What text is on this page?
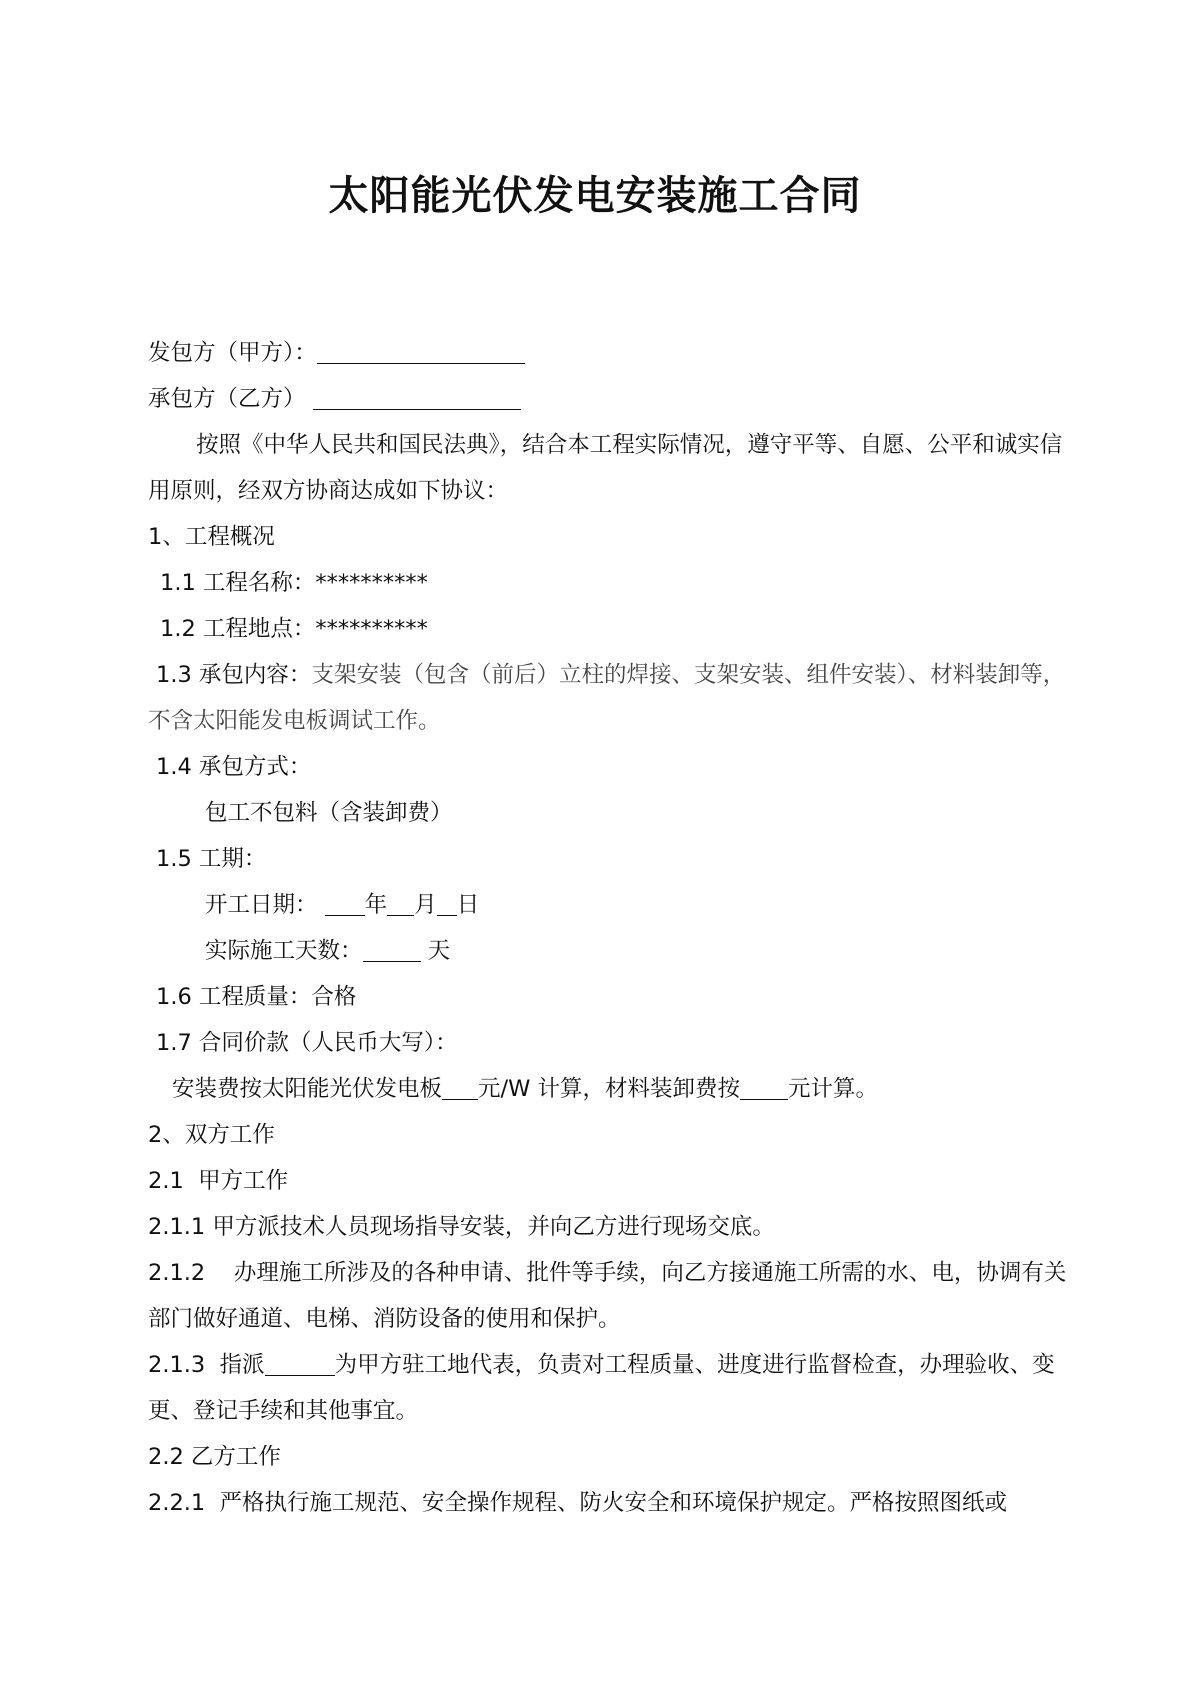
太阳能光伏发电安装施工合同
发包方（甲方）：
承包方（乙方）
按照《中华人民共和国民法典》，结合本工程实际情况，遵守平等、自愿、公平和诚实信用原则，经双方协商达成如下协议：
1、工程概况
1.1 工程名称：**********
1.2 工程地点：**********
1.3 承包内容：支架安装（包含（前后）立柱的焊接、支架安装、组件安装）、材料装卸等，不含太阳能发电板调试工作。
1.4 承包方式：
包工不包料（含装卸费）
1.5 工期：
开工日期： 年 月 日
实际施工天数：	天
1.6 工程质量：合格
1.7 合同价款（人民币大写）：
安装费按太阳能光伏发电板 元/W 计算，材料装卸费按 元计算。
2、双方工作
2.1  甲方工作
2.1.1 甲方派技术人员现场指导安装，并向乙方进行现场交底。
2.1.2    办理施工所涉及的各种申请、批件等手续，向乙方接通施工所需的水、电，协调有关部门做好通道、电梯、消防设备的使用和保护。
2.1.3  指派	为甲方驻工地代表，负责对工程质量、进度进行监督检查，办理验收、变更、登记手续和其他事宜。
2.2 乙方工作
2.2.1  严格执行施工规范、安全操作规程、防火安全和环境保护规定。严格按照图纸或
